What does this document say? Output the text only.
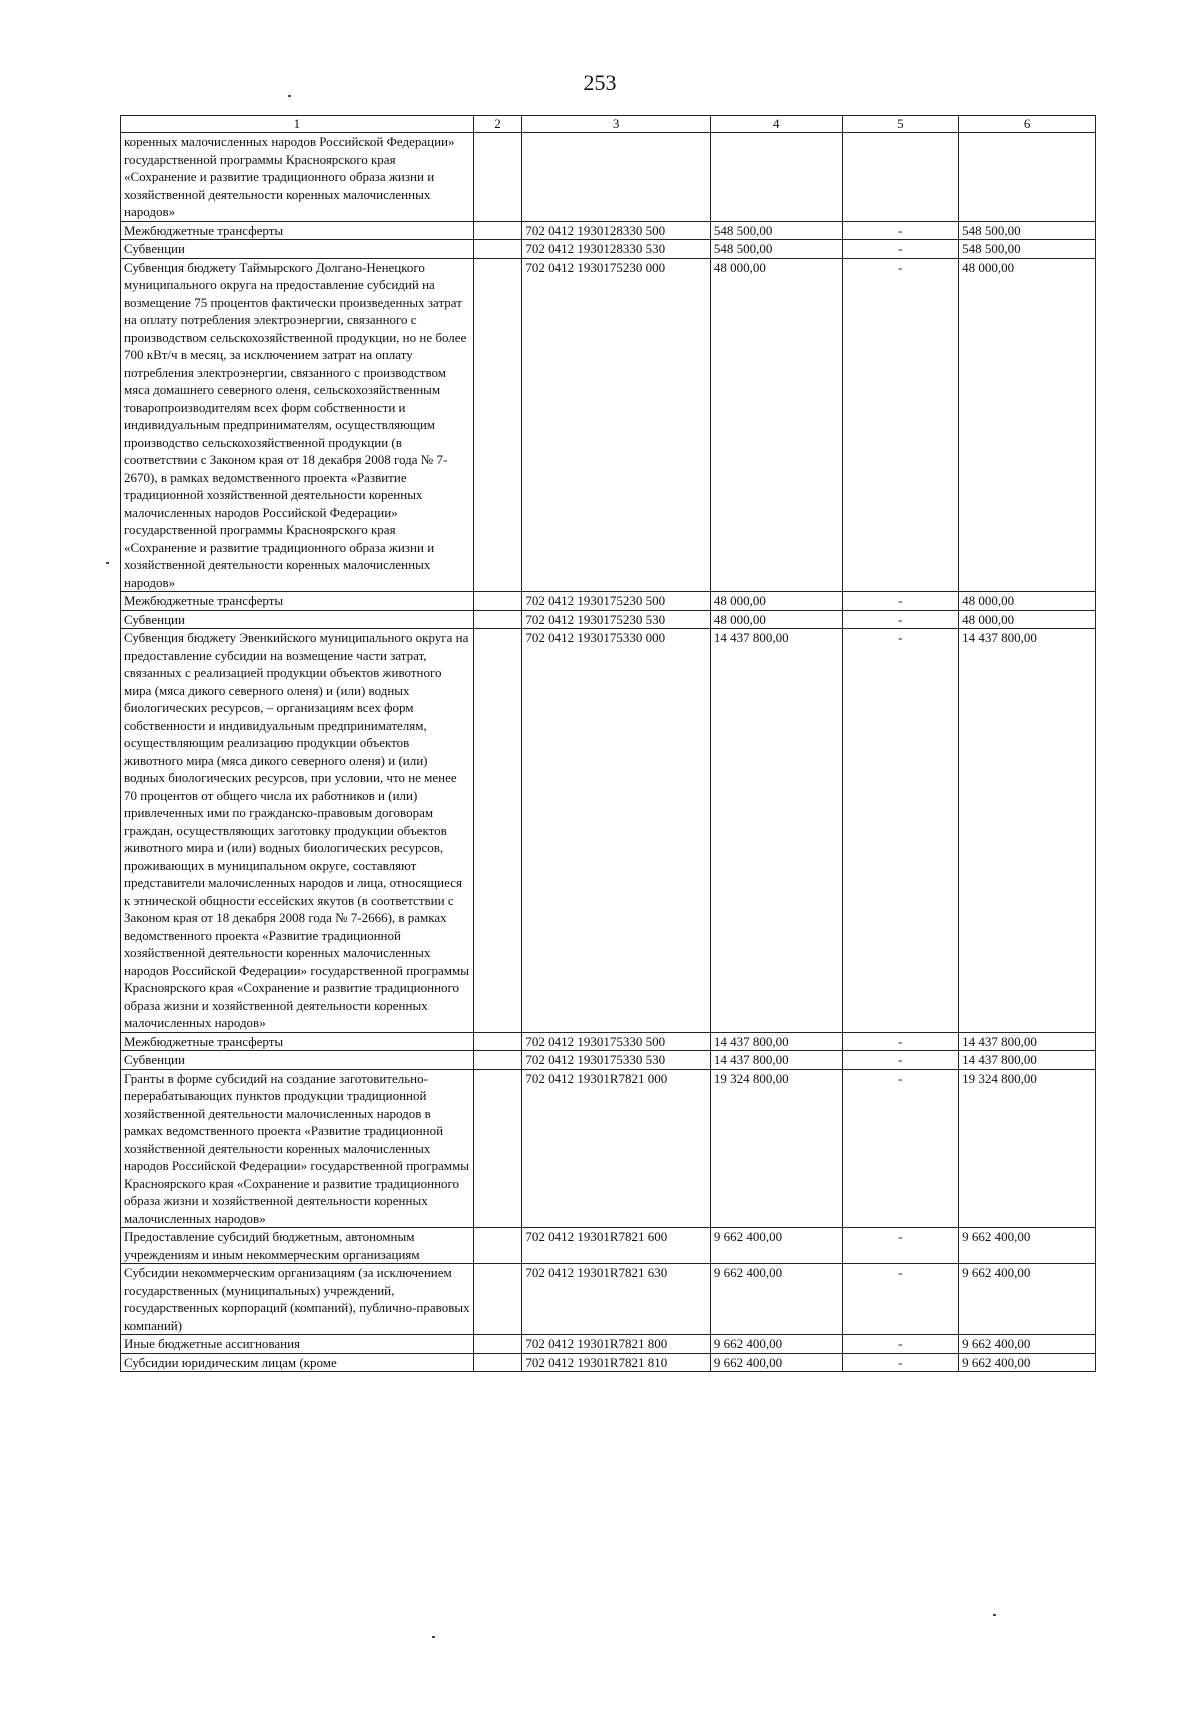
253
1	2	3	4	5	6
коренных малочисленных народов Российской Федерации» государственной программы Красноярского края «Сохранение и развитие традиционного образа жизни и хозяйственной деятельности коренных малочисленных народов»					
Межбюджетные трансферты		702 0412 1930128330 500	548 500,00	-	548 500,00
Субвенции		702 0412 1930128330 530	548 500,00	-	548 500,00
Субвенция бюджету Таймырского Долгано-Ненецкого муниципального округа на предоставление субсидий на возмещение 75 процентов фактически произведенных затрат на оплату потребления электроэнергии, связанного с производством сельскохозяйственной продукции, но не более 700 кВт/ч в месяц, за исключением затрат на оплату потребления электроэнергии, связанного с производством мяса домашнего северного оленя, сельскохозяйственным товаропроизводителям всех форм собственности и индивидуальным предпринимателям, осуществляющим производство сельскохозяйственной продукции (в соответствии с Законом края от 18 декабря 2008 года № 7-2670), в рамках ведомственного проекта «Развитие традиционной хозяйственной деятельности коренных малочисленных народов Российской Федерации» государственной программы Красноярского края «Сохранение и развитие традиционного образа жизни и хозяйственной деятельности коренных малочисленных народов»		702 0412 1930175230 000	48 000,00	-	48 000,00
Межбюджетные трансферты		702 0412 1930175230 500	48 000,00	-	48 000,00
Субвенции		702 0412 1930175230 530	48 000,00	-	48 000,00
Субвенция бюджету Эвенкийского муниципального округа на предоставление субсидии на возмещение части затрат, связанных с реализацией продукции объектов животного мира (мяса дикого северного оленя) и (или) водных биологических ресурсов, – организациям всех форм собственности и индивидуальным предпринимателям, осуществляющим реализацию продукции объектов животного мира (мяса дикого северного оленя) и (или) водных биологических ресурсов, при условии, что не менее 70 процентов от общего числа их работников и (или) привлеченных ими по гражданско-правовым договорам граждан, осуществляющих заготовку продукции объектов животного мира и (или) водных биологических ресурсов, проживающих в муниципальном округе, составляют представители малочисленных народов и лица, относящиеся к этнической общности ессейских якутов (в соответствии с Законом края от 18 декабря 2008 года № 7-2666), в рамках ведомственного проекта «Развитие традиционной хозяйственной деятельности коренных малочисленных народов Российской Федерации» государственной программы Красноярского края «Сохранение и развитие традиционного образа жизни и хозяйственной деятельности коренных малочисленных народов»		702 0412 1930175330 000	14 437 800,00	-	14 437 800,00
Межбюджетные трансферты		702 0412 1930175330 500	14 437 800,00	-	14 437 800,00
Субвенции		702 0412 1930175330 530	14 437 800,00	-	14 437 800,00
Гранты в форме субсидий на создание заготовительно-перерабатывающих пунктов продукции традиционной хозяйственной деятельности малочисленных народов в рамках ведомственного проекта «Развитие традиционной хозяйственной деятельности коренных малочисленных народов Российской Федерации» государственной программы Красноярского края «Сохранение и развитие традиционного образа жизни и хозяйственной деятельности коренных малочисленных народов»		702 0412 19301R7821 000	19 324 800,00	-	19 324 800,00
Предоставление субсидий бюджетным, автономным учреждениям и иным некоммерческим организациям		702 0412 19301R7821 600	9 662 400,00	-	9 662 400,00
Субсидии некоммерческим организациям (за исключением государственных (муниципальных) учреждений, государственных корпораций (компаний), публично-правовых компаний)		702 0412 19301R7821 630	9 662 400,00	-	9 662 400,00
Иные бюджетные ассигнования		702 0412 19301R7821 800	9 662 400,00	-	9 662 400,00
Субсидии юридическим лицам (кроме		702 0412 19301R7821 810	9 662 400,00	-	9 662 400,00
